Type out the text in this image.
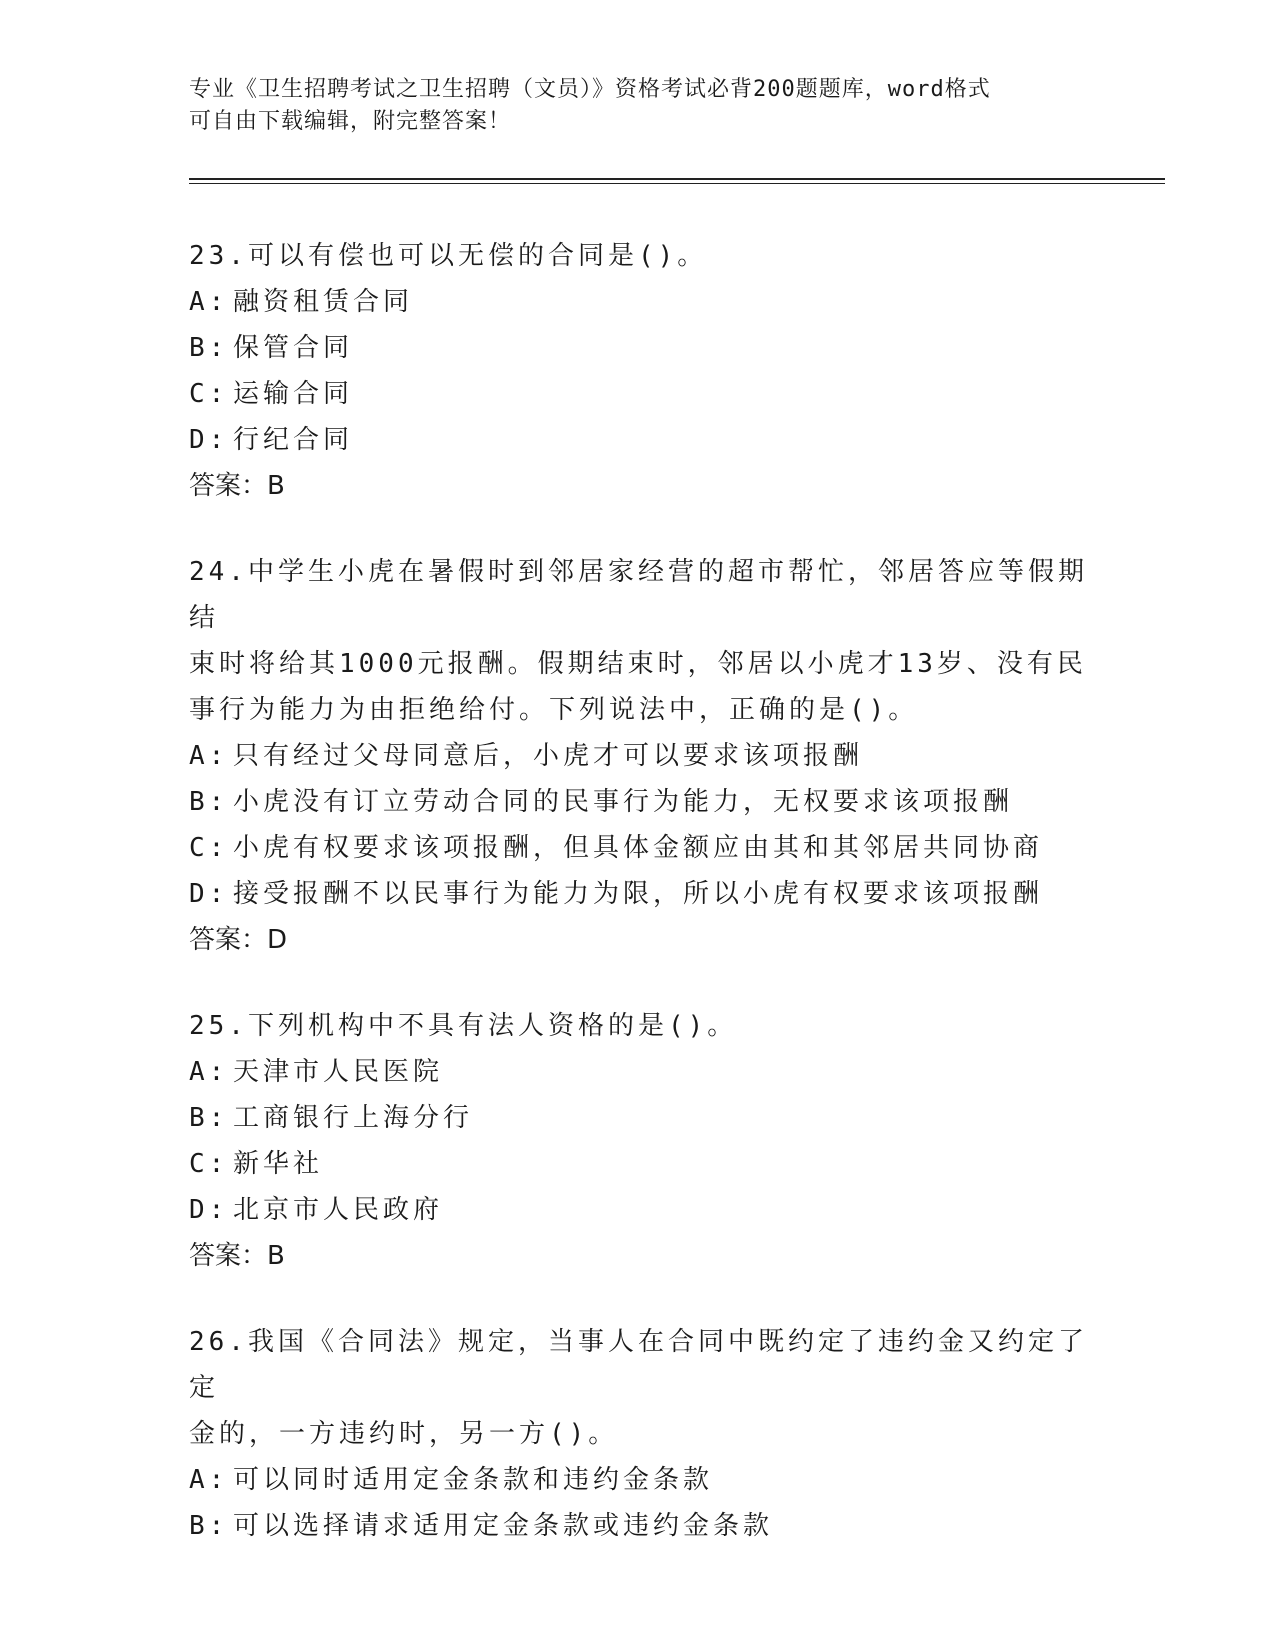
专业《卫生招聘考试之卫生招聘（文员）》资格考试必背200题题库，word格式
可自由下载编辑，附完整答案！
23.可以有偿也可以无偿的合同是()。
A: 融资租赁合同
B: 保管合同
C: 运输合同
D: 行纪合同
答案：B
24.中学生小虎在暑假时到邻居家经营的超市帮忙，邻居答应等假期结
束时将给其1000元报酬。假期结束时，邻居以小虎才13岁、没有民
事行为能力为由拒绝给付。下列说法中，正确的是()。
A: 只有经过父母同意后，小虎才可以要求该项报酬
B: 小虎没有订立劳动合同的民事行为能力，无权要求该项报酬
C: 小虎有权要求该项报酬，但具体金额应由其和其邻居共同协商
D: 接受报酬不以民事行为能力为限，所以小虎有权要求该项报酬
答案：D
25.下列机构中不具有法人资格的是()。
A: 天津市人民医院
B: 工商银行上海分行
C: 新华社
D: 北京市人民政府
答案：B
26.我国《合同法》规定，当事人在合同中既约定了违约金又约定了定
金的，一方违约时，另一方()。
A: 可以同时适用定金条款和违约金条款
B: 可以选择请求适用定金条款或违约金条款
